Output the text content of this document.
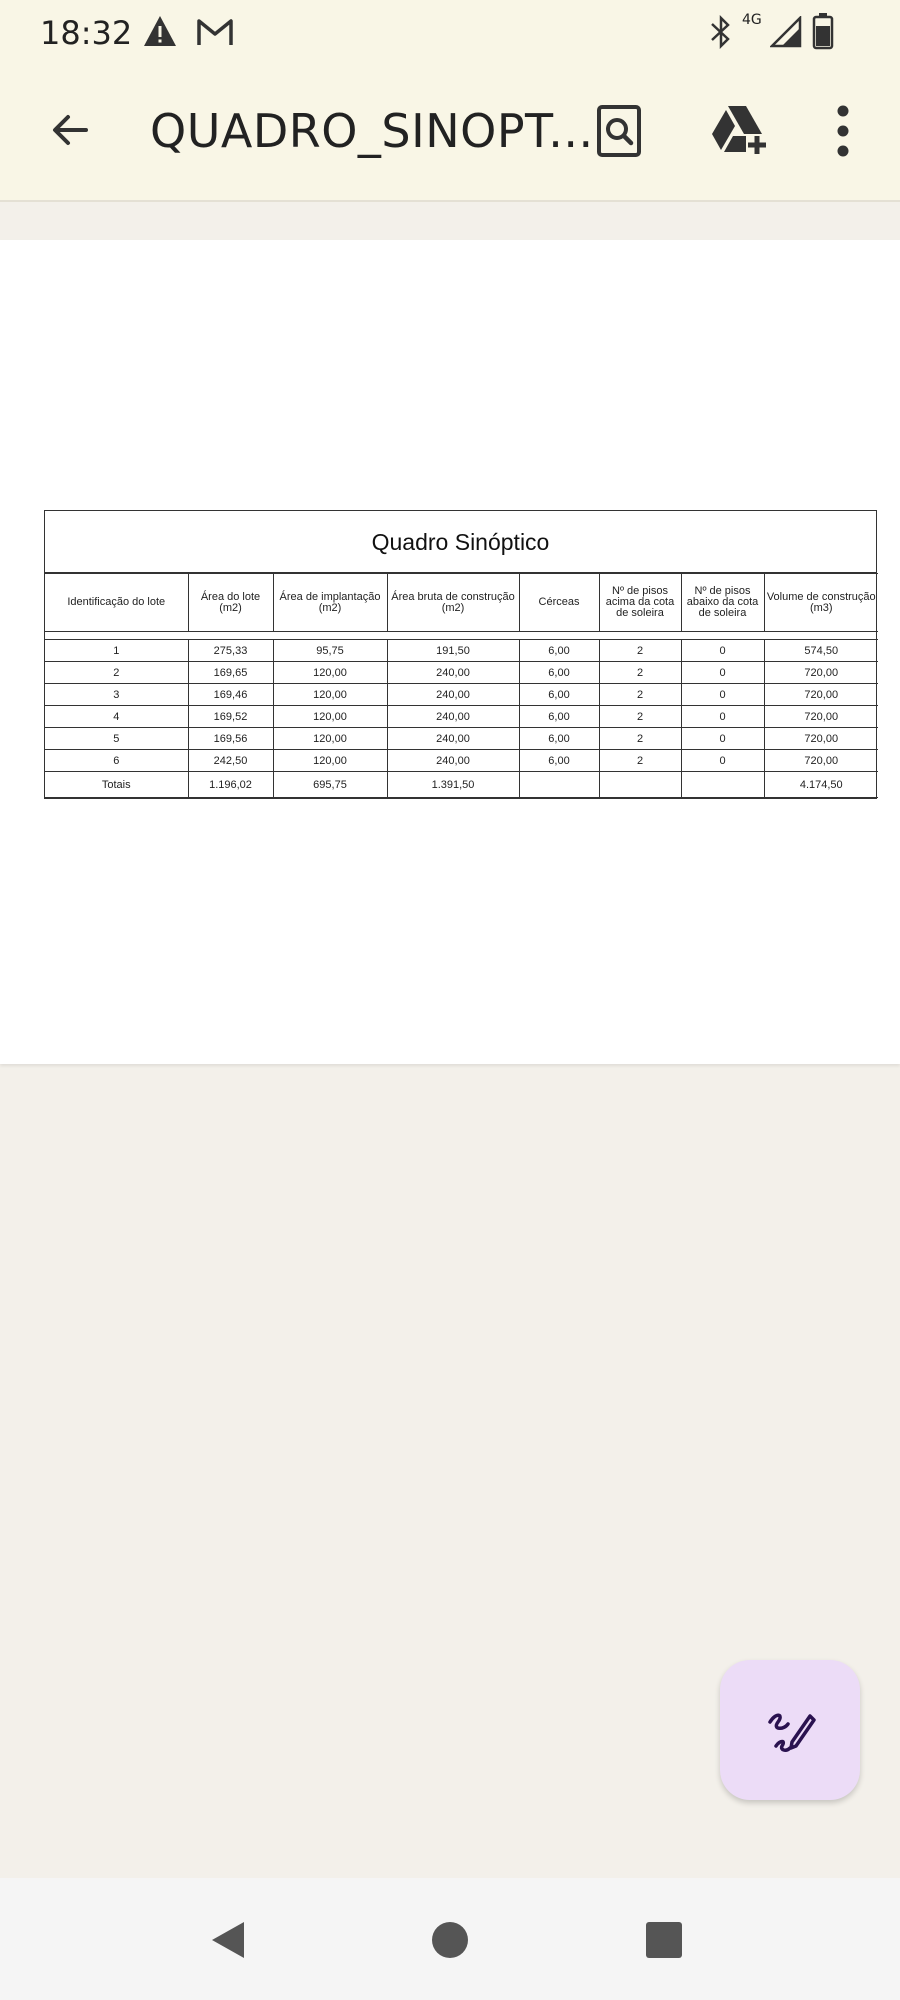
18:32	4G
QUADRO_SINOPT...
Quadro Sinóptico
Identificação do lote	Área do lote (m2)	Área de implantação (m2)	Área bruta de construção (m2)	Cérceas	Nº de pisos acima da cota de soleira	Nº de pisos abaixo da cota de soleira	Volume de construção (m3)

1	275,33	95,75	191,50	6,00	2	0	574,50
2	169,65	120,00	240,00	6,00	2	0	720,00
3	169,46	120,00	240,00	6,00	2	0	720,00
4	169,52	120,00	240,00	6,00	2	0	720,00
5	169,56	120,00	240,00	6,00	2	0	720,00
6	242,50	120,00	240,00	6,00	2	0	720,00
Totais	1.196,02	695,75	1.391,50				4.174,50
